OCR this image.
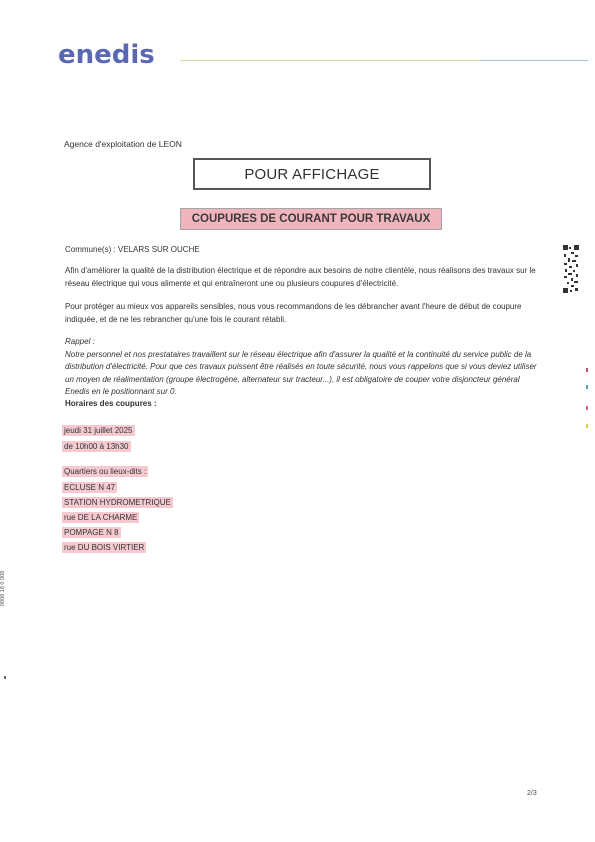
enedis
Agence d'exploitation de LEON
POUR AFFICHAGE
COUPURES DE COURANT POUR TRAVAUX
Commune(s) : VELARS SUR OUCHE
Afin d'améliorer la qualité de la distribution électrique et de répondre aux besoins de notre clientèle, nous réalisons des travaux sur le réseau électrique qui vous alimente et qui entraîneront une ou plusieurs coupures d'électricité.
Pour protéger au mieux vos appareils sensibles, nous vous recommandons de les débrancher avant l'heure de début de coupure indiquée, et de ne les rebrancher qu'une fois le courant rétabli.
Rappel :
Notre personnel et nos prestataires travaillent sur le réseau électrique afin d'assurer la qualité et la continuité du service public de la distribution d'électricité. Pour que ces travaux puissent être réalisés en toute sécurité, nous vous rappelons que si vous deviez utiliser un moyen de réalimentation (groupe électrogène, alternateur sur tracteur...), il est obligatoire de couper votre disjoncteur général Enedis en le positionnant sur 0.
Horaires des coupures :
jeudi 31 juillet 2025
de 10h00 à 13h30
Quartiers ou lieux-dits :
ECLUSE N 47
STATION HYDROMETRIQUE
rue DE LA CHARME
POMPAGE N 8
rue DU BOIS VIRTIER
0808 18 0 008
2/3
